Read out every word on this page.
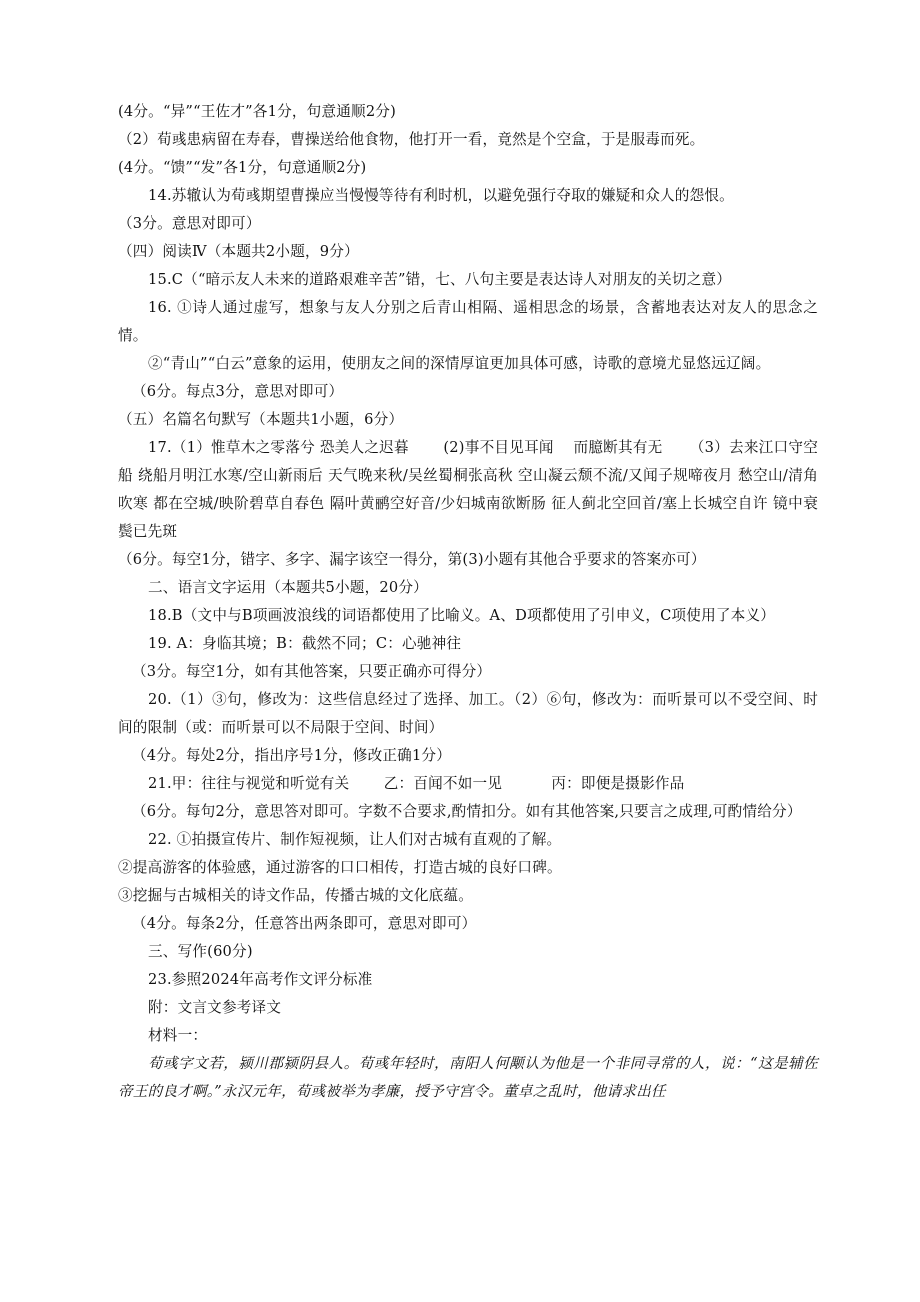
(4分。“异”“王佐才”各1分，句意通顺2分)
（2）荀彧患病留在寿春，曹操送给他食物，他打开一看，竟然是个空盒，于是服毒而死。
(4分。“馈”“发”各1分，句意通顺2分)
14.苏辙认为荀彧期望曹操应当慢慢等待有利时机，以避免强行夺取的嫌疑和众人的怨恨。
（3分。意思对即可）
（四）阅读Ⅳ（本题共2小题，9分）
15.C（“暗示友人未来的道路艰难辛苦”错，七、八句主要是表达诗人对朋友的关切之意）
16. ①诗人通过虚写，想象与友人分别之后青山相隔、遥相思念的场景，含蓄地表达对友人的思念之情。
②“青山”“白云”意象的运用，使朋友之间的深情厚谊更加具体可感，诗歌的意境尤显悠远辽阔。
（6分。每点3分，意思对即可）
（五）名篇名句默写（本题共1小题，6分）
17.（1）惟草木之零落兮 恐美人之迟暮 　　(2)事不目见耳闻 　而臆断其有无 　　（3）去来江口守空船 绕船月明江水寒/空山新雨后 天气晚来秋/吴丝蜀桐张高秋 空山凝云颓不流/又闻子规啼夜月 愁空山/清角吹寒 都在空城/映阶碧草自春色 隔叶黄鹂空好音/少妇城南欲断肠 征人蓟北空回首/塞上长城空自许 镜中衰鬓已先斑
（6分。每空1分，错字、多字、漏字该空一得分，第(3)小题有其他合乎要求的答案亦可）
二、语言文字运用（本题共5小题，20分）
18.B（文中与B项画波浪线的词语都使用了比喻义。A、D项都使用了引申义，C项使用了本义）
19. A：身临其境；B：截然不同；C：心驰神往
（3分。每空1分，如有其他答案，只要正确亦可得分）
20.（1）③句，修改为：这些信息经过了选择、加工。（2）⑥句，修改为：而听景可以不受空间、时间的限制（或：而听景可以不局限于空间、时间）
（4分。每处2分，指出序号1分，修改正确1分）
21.甲：往往与视觉和听觉有关 　　乙：百闻不如一见 　　　丙：即便是摄影作品
（6分。每句2分，意思答对即可。字数不合要求,酌情扣分。如有其他答案,只要言之成理,可酌情给分）
22. ①拍摄宣传片、制作短视频，让人们对古城有直观的了解。
②提高游客的体验感，通过游客的口口相传，打造古城的良好口碑。
③挖掘与古城相关的诗文作品，传播古城的文化底蕴。
（4分。每条2分，任意答出两条即可，意思对即可）
三、写作(60分)
23.参照2024年高考作文评分标准
附：文言文参考译文
材料一：
荀彧字文若，颍川郡颍阴县人。荀彧年轻时，南阳人何颙认为他是一个非同寻常的人，说：“这是辅佐帝王的良才啊。”永汉元年，荀彧被举为孝廉，授予守宫令。董卓之乱时，他请求出任
